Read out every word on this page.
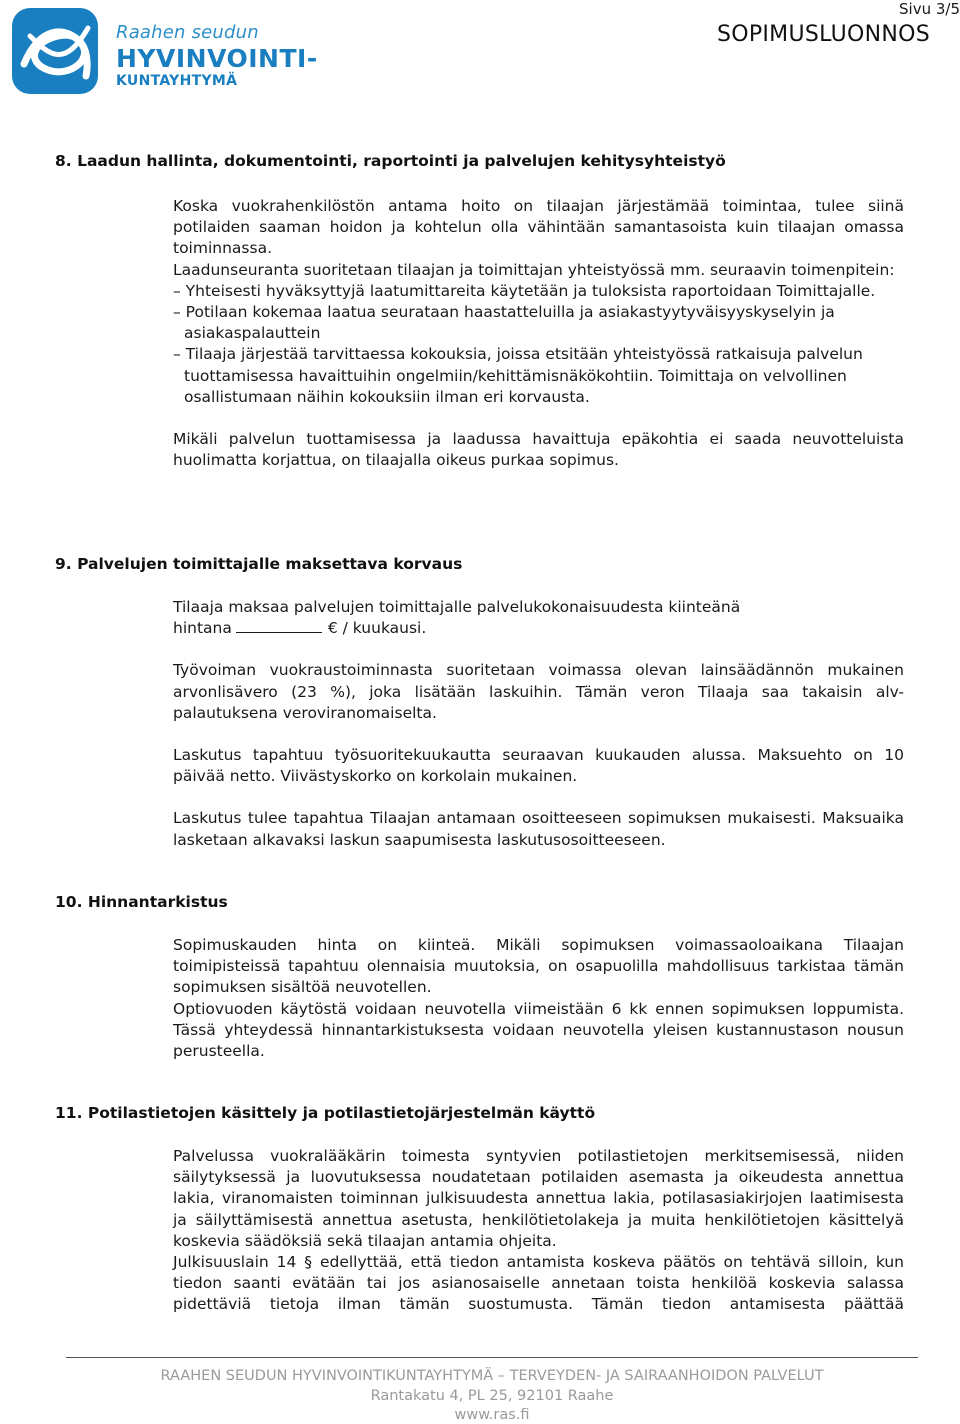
Raahen seudun
HYVINVOINTI-
KUNTAYHTYMÄ
Sivu 3/5
SOPIMUSLUONNOS
8. Laadun hallinta, dokumentointi, raportointi ja palvelujen kehitysyhteistyö

Koska vuokrahenkilöstön antama hoito on tilaajan järjestämää toimintaa, tulee siinä potilaiden saaman hoidon ja kohtelun olla vähintään samantasoista kuin tilaajan omassa toiminnassa.

Laadunseuranta suoritetaan tilaajan ja toimittajan yhteistyössä mm. seuraavin toimenpitein:

– Yhteisesti hyväksyttyjä laatumittareita käytetään ja tuloksista raportoidaan Toimittajalle.

– Potilaan kokemaa laatua seurataan haastatteluilla ja asiakastyytyväisyyskyselyin ja asiakaspalauttein

– Tilaaja järjestää tarvittaessa kokouksia, joissa etsitään yhteistyössä ratkaisuja palvelun tuottamisessa havaittuihin ongelmiin/kehittämisnäkökohtiin. Toimittaja on velvollinen osallistumaan näihin kokouksiin ilman eri korvausta.

Mikäli palvelun tuottamisessa ja laadussa havaittuja epäkohtia ei saada neuvotteluista huolimatta korjattua, on tilaajalla oikeus purkaa sopimus.

9. Palvelujen toimittajalle maksettava korvaus

Tilaaja maksaa palvelujen toimittajalle palvelukokonaisuudesta kiinteänä
hintana	€ / kuukausi.

Työvoiman vuokraustoiminnasta suoritetaan voimassa olevan lainsäädännön mukainen arvonlisävero (23 %), joka lisätään laskuihin. Tämän veron Tilaaja saa takaisin alv-palautuksena veroviranomaiselta.

Laskutus tapahtuu työsuoritekuukautta seuraavan kuukauden alussa. Maksuehto on 10 päivää netto. Viivästyskorko on korkolain mukainen.

Laskutus tulee tapahtua Tilaajan antamaan osoitteeseen sopimuksen mukaisesti. Maksuaika lasketaan alkavaksi laskun saapumisesta laskutusosoitteeseen.

10. Hinnantarkistus

Sopimuskauden hinta on kiinteä. Mikäli sopimuksen voimassaoloaikana Tilaajan toimipisteissä tapahtuu olennaisia muutoksia, on osapuolilla mahdollisuus tarkistaa tämän sopimuksen sisältöä neuvotellen.

Optiovuoden käytöstä voidaan neuvotella viimeistään 6 kk ennen sopimuksen loppumista. Tässä yhteydessä hinnantarkistuksesta voidaan neuvotella yleisen kustannustason nousun perusteella.

11. Potilastietojen käsittely ja potilastietojärjestelmän käyttö

Palvelussa vuokralääkärin toimesta syntyvien potilastietojen merkitsemisessä, niiden säilytyksessä ja luovutuksessa noudatetaan potilaiden asemasta ja oikeudesta annettua lakia, viranomaisten toiminnan julkisuudesta annettua lakia, potilasasiakirjojen laatimisesta ja säilyttämisestä annettua asetusta, henkilötietolakeja ja muita henkilötietojen käsittelyä koskevia säädöksiä sekä tilaajan antamia ohjeita.

Julkisuuslain 14 § edellyttää, että tiedon antamista koskeva päätös on tehtävä silloin, kun tiedon saanti evätään tai jos asianosaiselle annetaan toista henkilöä koskevia salassa pidettäviä tietoja ilman tämän suostumusta. Tämän tiedon antamisesta päättää

RAAHEN SEUDUN HYVINVOINTIKUNTAYHTYMÄ – TERVEYDEN- JA SAIRAANHOIDON PALVELUT
Rantakatu 4, PL 25, 92101 Raahe
www.ras.fi
